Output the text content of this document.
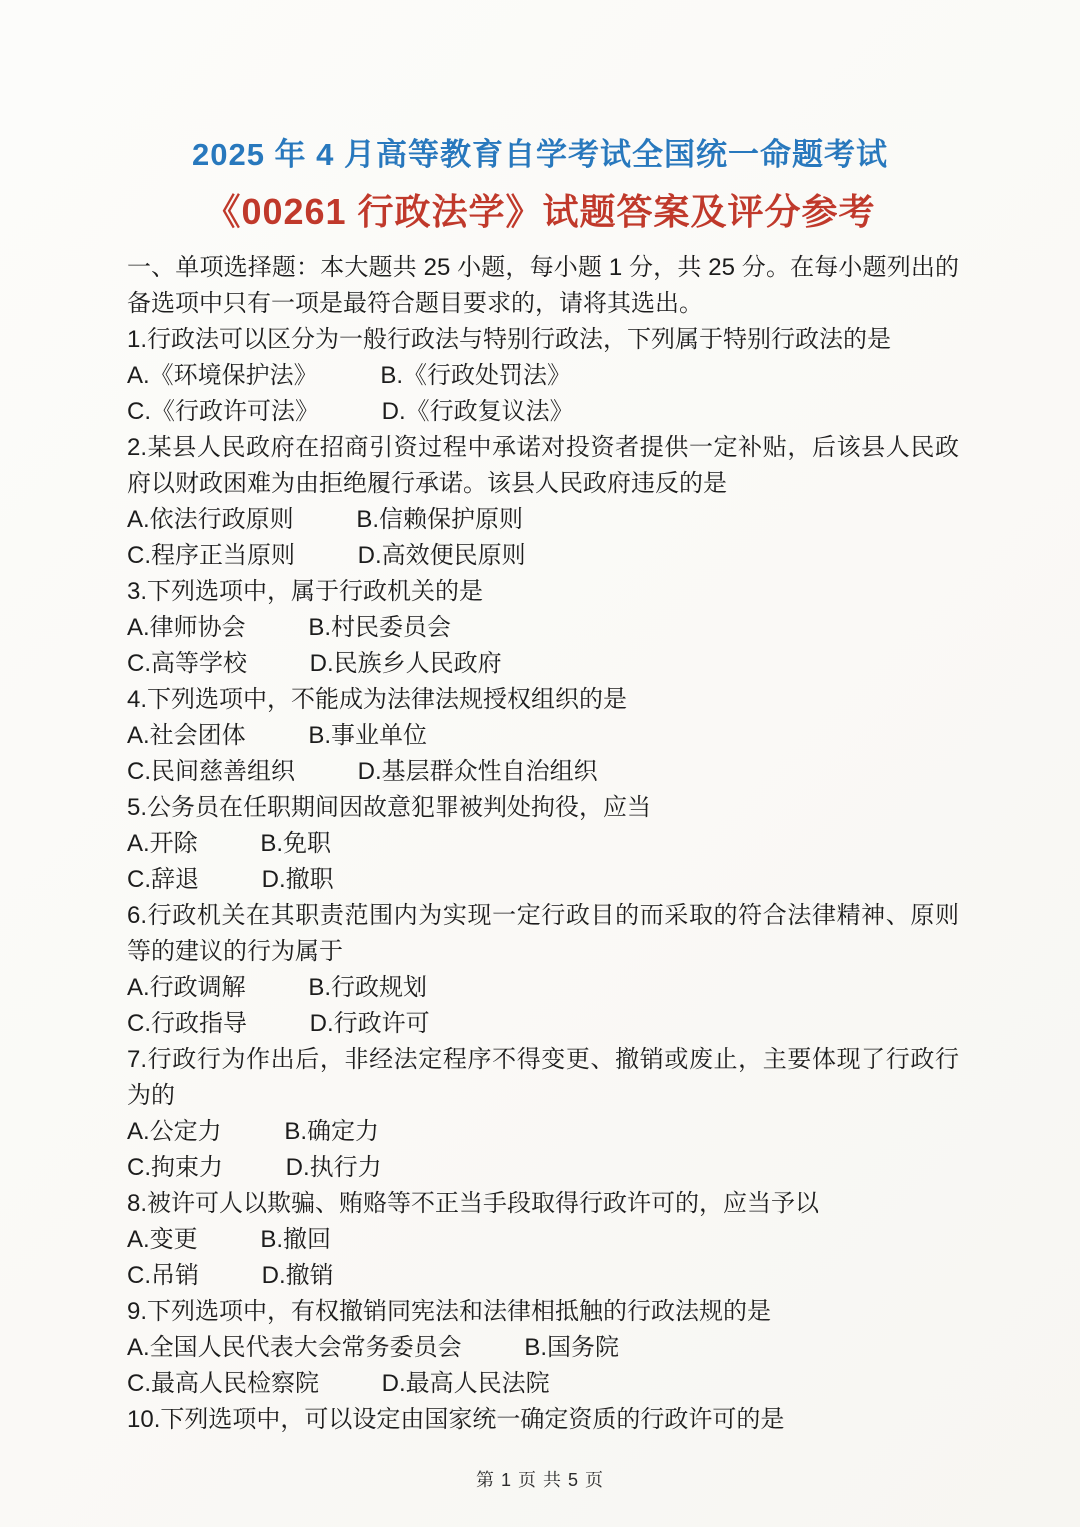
2025 年 4 月高等教育自学考试全国统一命题考试
《00261 行政法学》试题答案及评分参考

一、单项选择题：本大题共 25 小题，每小题 1 分，共 25 分。在每小题列出的备选项中只有一项是最符合题目要求的，请将其选出。

1.行政法可以区分为一般行政法与特别行政法，下列属于特别行政法的是

A.《环境保护法》	B.《行政处罚法》

C.《行政许可法》	D.《行政复议法》

2.某县人民政府在招商引资过程中承诺对投资者提供一定补贴，后该县人民政府以财政困难为由拒绝履行承诺。该县人民政府违反的是

A.依法行政原则	B.信赖保护原则

C.程序正当原则	D.高效便民原则

3.下列选项中，属于行政机关的是

A.律师协会	B.村民委员会

C.高等学校	D.民族乡人民政府

4.下列选项中，不能成为法律法规授权组织的是

A.社会团体	B.事业单位

C.民间慈善组织	D.基层群众性自治组织

5.公务员在任职期间因故意犯罪被判处拘役，应当

A.开除	B.免职

C.辞退	D.撤职

6.行政机关在其职责范围内为实现一定行政目的而采取的符合法律精神、原则等的建议的行为属于

A.行政调解	B.行政规划

C.行政指导	D.行政许可

7.行政行为作出后，非经法定程序不得变更、撤销或废止，主要体现了行政行为的

A.公定力	B.确定力

C.拘束力	D.执行力

8.被许可人以欺骗、贿赂等不正当手段取得行政许可的，应当予以

A.变更	B.撤回

C.吊销	D.撤销

9.下列选项中，有权撤销同宪法和法律相抵触的行政法规的是

A.全国人民代表大会常务委员会	B.国务院

C.最高人民检察院	D.最高人民法院

10.下列选项中，可以设定由国家统一确定资质的行政许可的是

第 1 页 共 5 页
